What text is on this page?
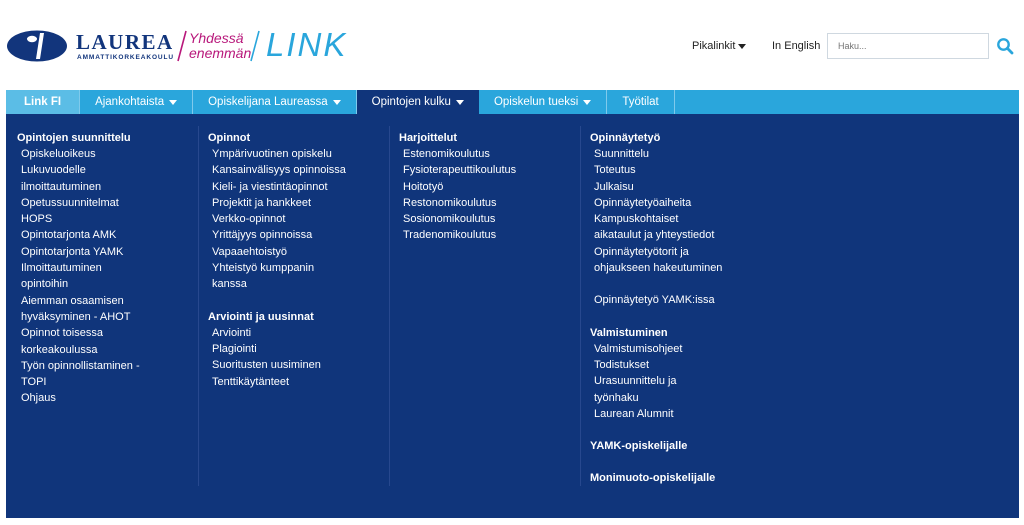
LAUREA
AMMATTIKORKEAKOULU
Yhdessä
enemmän LINK	Pikalinkit	In English
Haku...
Link FI	Ajankohtaista	Opiskelijana Laureassa	Opintojen kulku	Opiskelun tueksi	Työtilat
Opintojen suunnittelu
Opiskeluoikeus
Lukuvuodelle
ilmoittautuminen
Opetussuunnitelmat
HOPS
Opintotarjonta AMK
Opintotarjonta YAMK
Ilmoittautuminen
opintoihin
Aiemman osaamisen
hyväksyminen - AHOT
Opinnot toisessa
korkeakoulussa
Työn opinnollistaminen -
TOPI
Ohjaus
Opinnot
Ympärivuotinen opiskelu
Kansainvälisyys opinnoissa
Kieli- ja viestintäopinnot
Projektit ja hankkeet
Verkko-opinnot
Yrittäjyys opinnoissa
Vapaaehtoistyö
Yhteistyö kumppanin
kanssa
Arviointi ja uusinnat
Arviointi
Plagiointi
Suoritusten uusiminen
Tenttikäytänteet
Harjoittelut
Estenomikoulutus
Fysioterapeuttikoulutus
Hoitotyö
Restonomikoulutus
Sosionomikoulutus
Tradenomikoulutus
Opinnäytetyö
Suunnittelu
Toteutus
Julkaisu
Opinnäytetyöaiheita
Kampuskohtaiset
aikataulut ja yhteystiedot
Opinnäytetyötorit ja
ohjaukseen hakeutuminen
Opinnäytetyö YAMK:issa
Valmistuminen
Valmistumisohjeet
Todistukset
Urasuunnittelu ja
työnhaku
Laurean Alumnit
YAMK-opiskelijalle
Monimuoto-opiskelijalle
